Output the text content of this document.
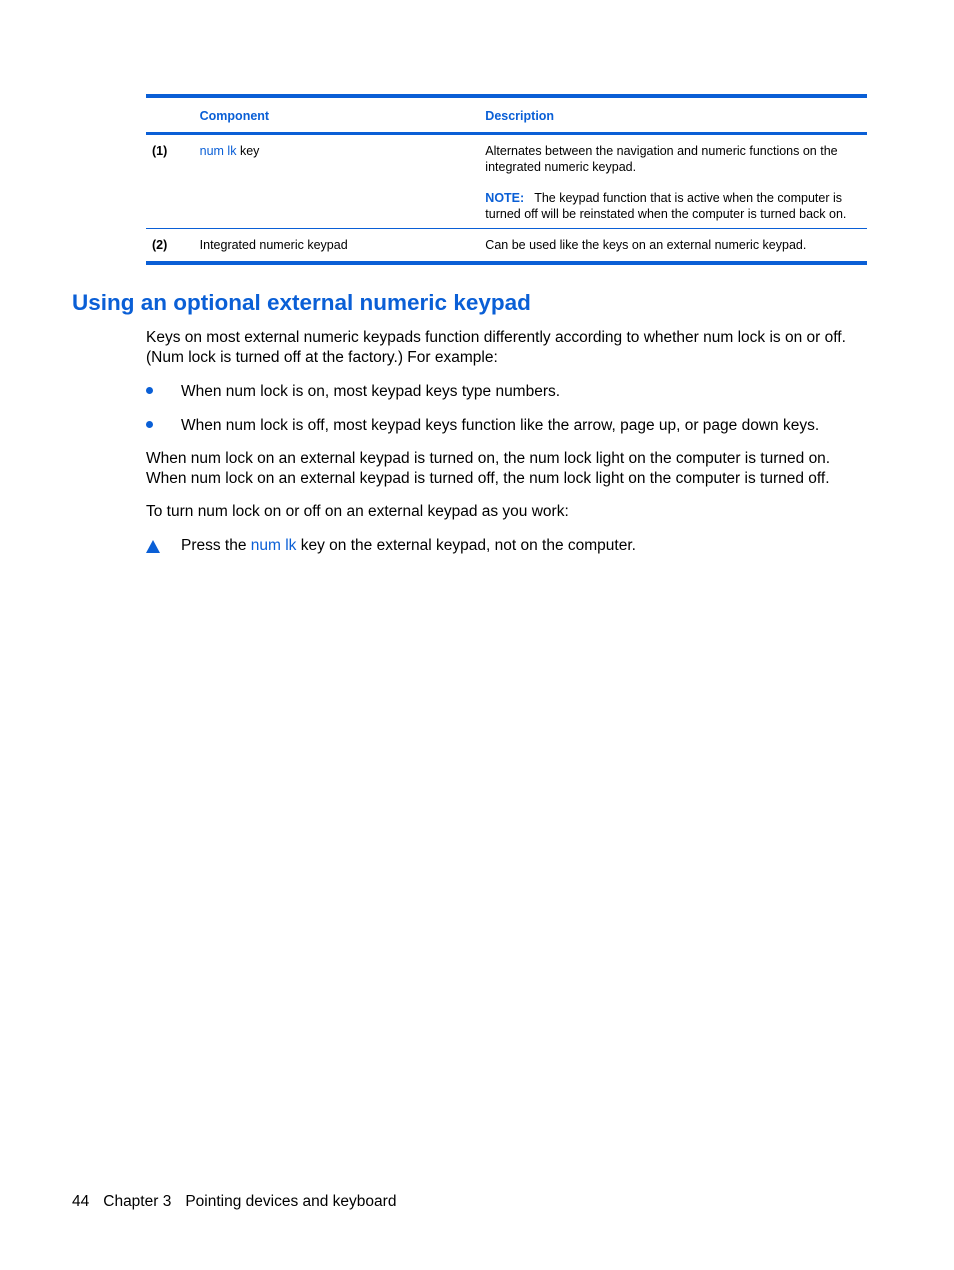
	Component	Description
(1)	num lk key	Alternates between the navigation and numeric functions on the integrated numeric keypad.
NOTE: The keypad function that is active when the computer is turned off will be reinstated when the computer is turned back on.

(2)	Integrated numeric keypad	Can be used like the keys on an external numeric keypad.
Using an optional external numeric keypad

Keys on most external numeric keypads function differently according to whether num lock is on or off. (Num lock is turned off at the factory.) For example:

When num lock is on, most keypad keys type numbers.
When num lock is off, most keypad keys function like the arrow, page up, or page down keys.

When num lock on an external keypad is turned on, the num lock light on the computer is turned on. When num lock on an external keypad is turned off, the num lock light on the computer is turned off.

To turn num lock on or off on an external keypad as you work:

Press the num lk key on the external keypad, not on the computer.
44 Chapter 3 Pointing devices and keyboard
